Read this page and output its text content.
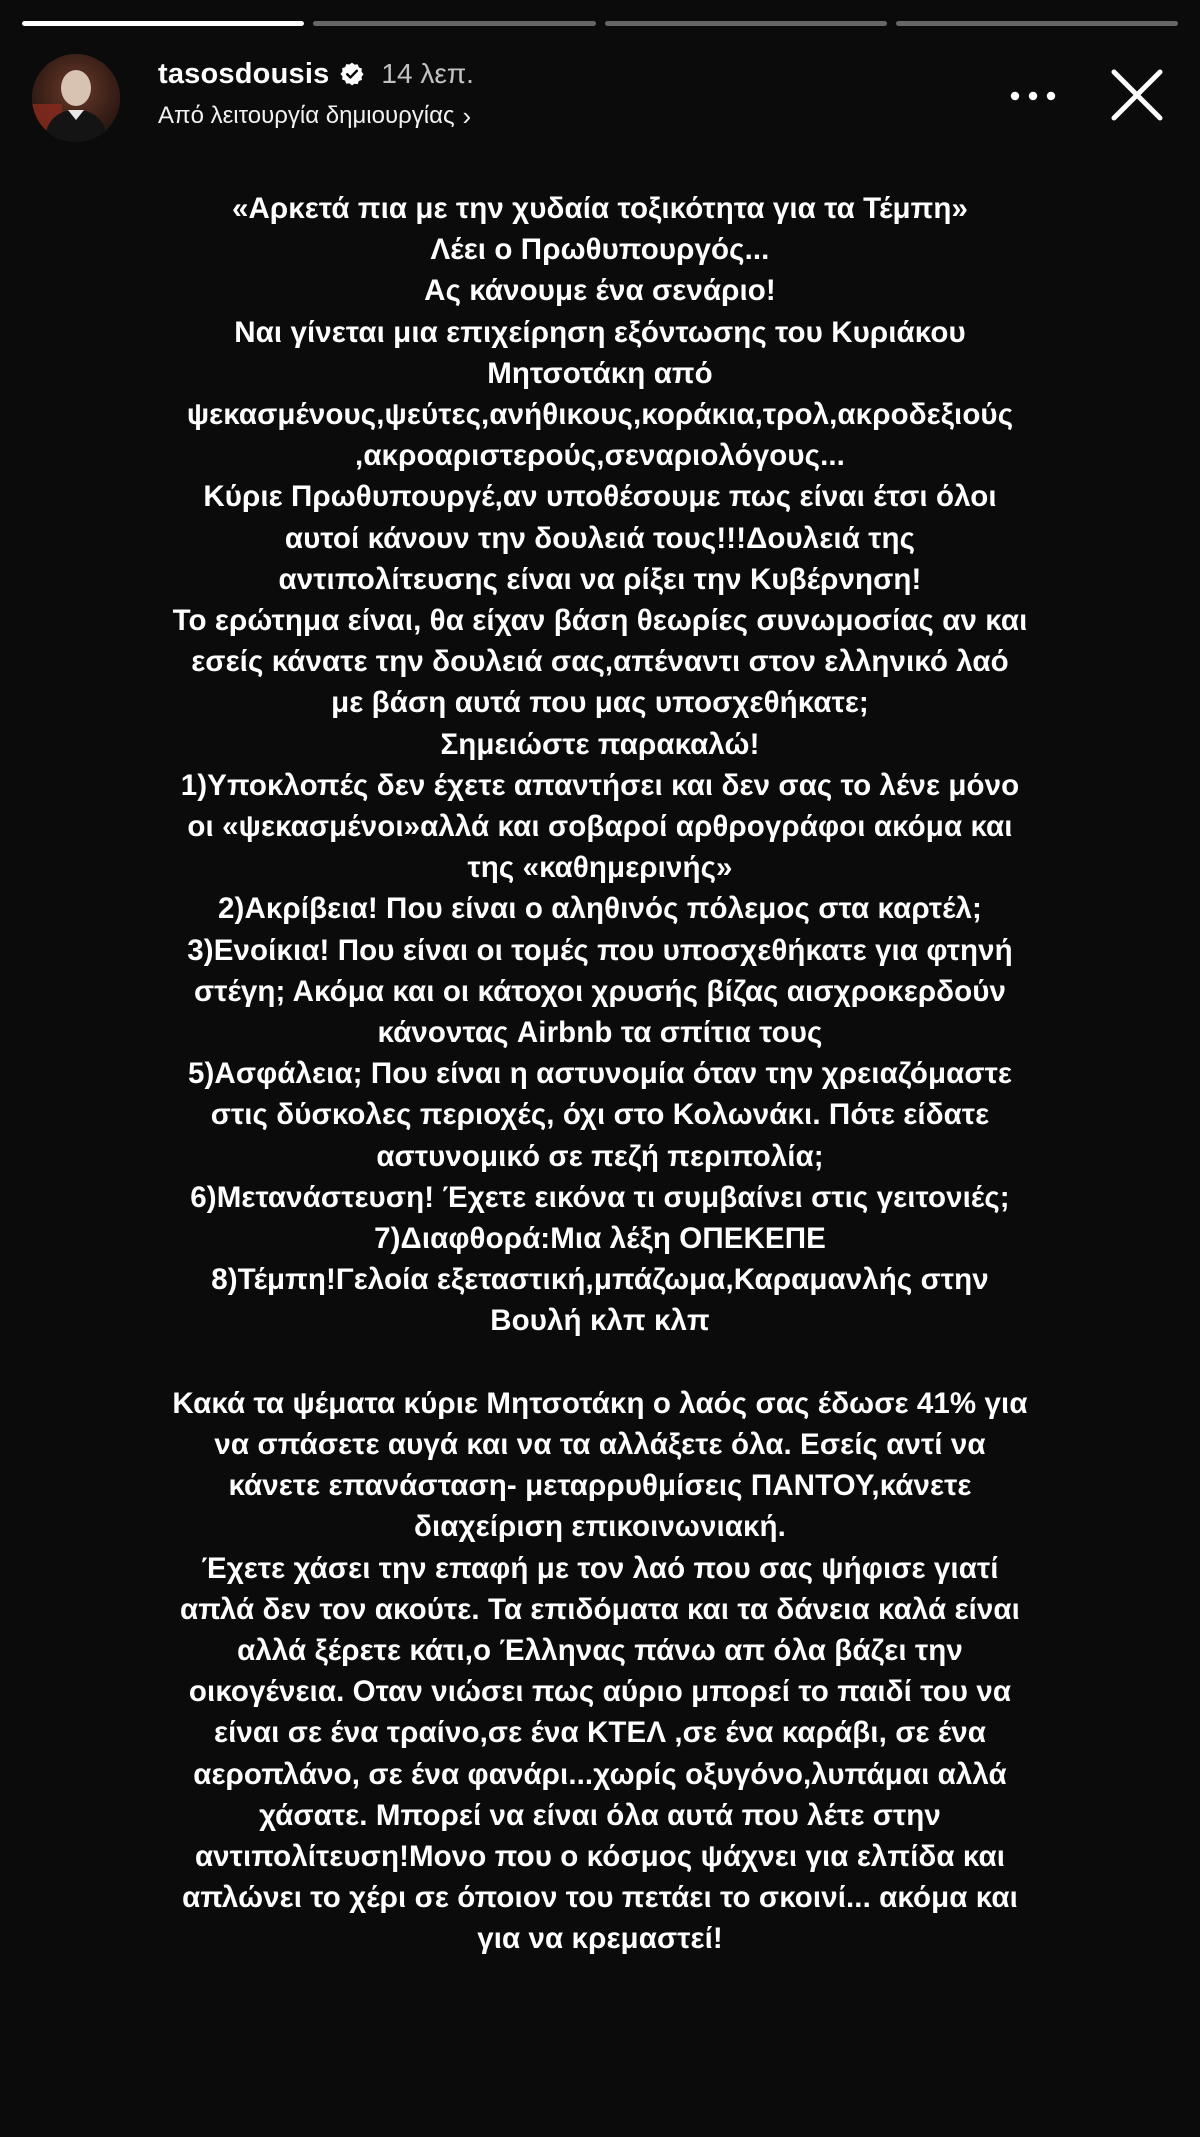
tasosdousis 14 λεπ.
Από λειτουργία δημιουργίας ›
«Αρκετά πια με την χυδαία τοξικότητα για τα Τέμπη»
Λέει ο Πρωθυπουργός...
Ας κάνουμε ένα σενάριο!
Ναι γίνεται μια επιχείρηση εξόντωσης του Κυριάκου
Μητσοτάκη από
ψεκασμένους,ψεύτες,ανήθικους,κοράκια,τρολ,ακροδεξιούς
,ακροαριστερούς,σεναριολόγους...
Κύριε Πρωθυπουργέ,αν υποθέσουμε πως είναι έτσι όλοι
αυτοί κάνουν την δουλειά τους!!!Δουλειά της
αντιπολίτευσης είναι να ρίξει την Κυβέρνηση!
Το ερώτημα είναι, θα είχαν βάση θεωρίες συνωμοσίας αν και
εσείς κάνατε την δουλειά σας,απέναντι στον ελληνικό λαό
με βάση αυτά που μας υποσχεθήκατε;
Σημειώστε παρακαλώ!
1)Υποκλοπές δεν έχετε απαντήσει και δεν σας το λένε μόνο
οι «ψεκασμένοι»αλλά και σοβαροί αρθρογράφοι ακόμα και
της «καθημερινής»
2)Ακρίβεια! Που είναι ο αληθινός πόλεμος στα καρτέλ;
3)Ενοίκια! Που είναι οι τομές που υποσχεθήκατε για φτηνή
στέγη; Ακόμα και οι κάτοχοι χρυσής βίζας αισχροκερδούν
κάνοντας Airbnb τα σπίτια τους
5)Ασφάλεια; Που είναι η αστυνομία όταν την χρειαζόμαστε
στις δύσκολες περιοχές, όχι στο Κολωνάκι. Πότε είδατε
αστυνομικό σε πεζή περιπολία;
6)Μετανάστευση! Έχετε εικόνα τι συμβαίνει στις γειτονιές;
7)Διαφθορά:Μια λέξη ΟΠΕΚΕΠΕ
8)Τέμπη!Γελοία εξεταστική,μπάζωμα,Καραμανλής στην
Βουλή κλπ κλπ
Κακά τα ψέματα κύριε Μητσοτάκη ο λαός σας έδωσε 41% για
να σπάσετε αυγά και να τα αλλάξετε όλα. Εσείς αντί να
κάνετε επανάσταση- μεταρρυθμίσεις ΠΑΝΤΟΥ,κάνετε
διαχείριση επικοινωνιακή.
Έχετε χάσει την επαφή με τον λαό που σας ψήφισε γιατί
απλά δεν τον ακούτε. Τα επιδόματα και τα δάνεια καλά είναι
αλλά ξέρετε κάτι,ο Έλληνας πάνω απ όλα βάζει την
οικογένεια. Οταν νιώσει πως αύριο μπορεί το παιδί του να
είναι σε ένα τραίνο,σε ένα ΚΤΕΛ ,σε ένα καράβι, σε ένα
αεροπλάνο, σε ένα φανάρι...χωρίς οξυγόνο,λυπάμαι αλλά
χάσατε. Μπορεί να είναι όλα αυτά που λέτε στην
αντιπολίτευση!Μονο που ο κόσμος ψάχνει για ελπίδα και
απλώνει το χέρι σε όποιον του πετάει το σκοινί... ακόμα και
για να κρεμαστεί!
